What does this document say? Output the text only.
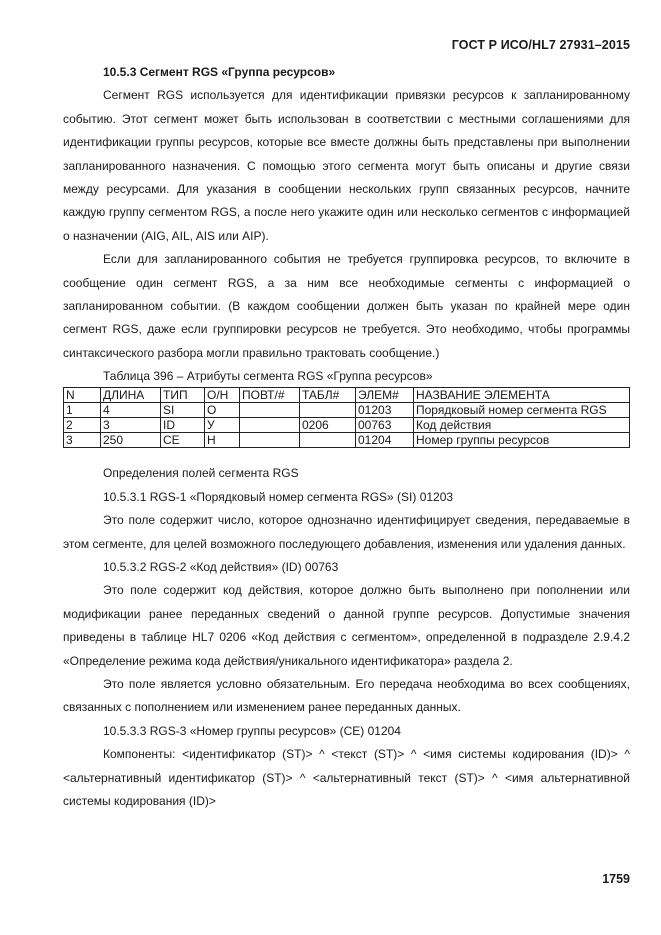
ГОСТ Р ИСО/HL7 27931–2015

10.5.3 Сегмент RGS «Группа ресурсов»

Сегмент RGS используется для идентификации привязки ресурсов к запланированному событию. Этот сегмент может быть использован в соответствии с местными соглашениями для идентификации группы ресурсов, которые все вместе должны быть представлены при выполнении запланированного назначения. С помощью этого сегмента могут быть описаны и другие связи между ресурсами. Для указания в сообщении нескольких групп связанных ресурсов, начните каждую группу сегментом RGS, а после него укажите один или несколько сегментов с информацией о назначении (AIG, AIL, AIS или AIP).

Если для запланированного события не требуется группировка ресурсов, то включите в сообщение один сегмент RGS, а за ним все необходимые сегменты с информацией о запланированном событии. (В каждом сообщении должен быть указан по крайней мере один сегмент RGS, даже если группировки ресурсов не требуется. Это необходимо, чтобы программы синтаксического разбора могли правильно трактовать сообщение.)

Таблица 396 – Атрибуты сегмента RGS «Группа ресурсов»

N	ДЛИНА	ТИП	О/Н	ПОВТ/#	ТАБЛ#	ЭЛЕМ#	НАЗВАНИЕ ЭЛЕМЕНТА
1	4	SI	О			01203	Порядковый номер сегмента RGS
2	3	ID	У		0206	00763	Код действия
3	250	CE	Н			01204	Номер группы ресурсов

Определения полей сегмента RGS

10.5.3.1 RGS-1 «Порядковый номер сегмента RGS» (SI) 01203

Это поле содержит число, которое однозначно идентифицирует сведения, передаваемые в этом сегменте, для целей возможного последующего добавления, изменения или удаления данных.

10.5.3.2 RGS-2 «Код действия» (ID) 00763

Это поле содержит код действия, которое должно быть выполнено при пополнении или модификации ранее переданных сведений о данной группе ресурсов. Допустимые значения приведены в таблице HL7 0206 «Код действия с сегментом», определенной в подразделе 2.9.4.2 «Определение режима кода действия/уникального идентификатора» раздела 2.

Это поле является условно обязательным. Его передача необходима во всех сообщениях, связанных с пополнением или изменением ранее переданных данных.

10.5.3.3 RGS-3 «Номер группы ресурсов» (CE) 01204

Компоненты: <идентификатор (ST)> ^ <текст (ST)> ^ <имя системы кодирования (ID)> ^ <альтернативный идентификатор (ST)> ^ <альтернативный текст (ST)> ^ <имя альтернативной системы кодирования (ID)>

1759
